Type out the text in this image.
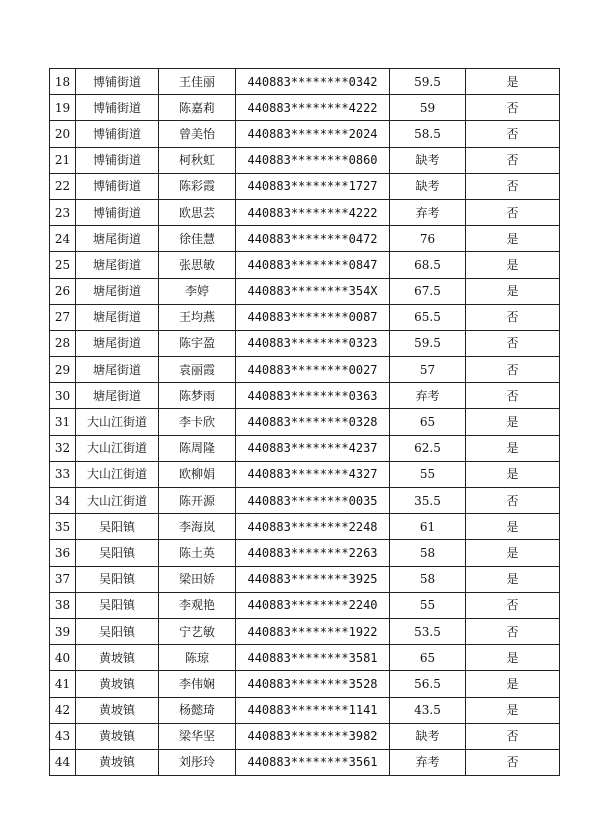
18	博铺街道	王佳丽	440883********0342	59.5	是
19	博铺街道	陈嘉莉	440883********4222	59	否
20	博铺街道	曾美怡	440883********2024	58.5	否
21	博铺街道	柯秋虹	440883********0860	缺考	否
22	博铺街道	陈彩霞	440883********1727	缺考	否
23	博铺街道	欧思芸	440883********4222	弃考	否
24	塘尾街道	徐佳慧	440883********0472	76	是
25	塘尾街道	张思敏	440883********0847	68.5	是
26	塘尾街道	李婷	440883********354X	67.5	是
27	塘尾街道	王均燕	440883********0087	65.5	否
28	塘尾街道	陈宇盈	440883********0323	59.5	否
29	塘尾街道	袁丽霞	440883********0027	57	否
30	塘尾街道	陈梦雨	440883********0363	弃考	否
31	大山江街道	李卡欣	440883********0328	65	是
32	大山江街道	陈周隆	440883********4237	62.5	是
33	大山江街道	欧柳娟	440883********4327	55	是
34	大山江街道	陈开源	440883********0035	35.5	否
35	吴阳镇	李海岚	440883********2248	61	是
36	吴阳镇	陈土英	440883********2263	58	是
37	吴阳镇	梁田娇	440883********3925	58	是
38	吴阳镇	李观艳	440883********2240	55	否
39	吴阳镇	宁艺敏	440883********1922	53.5	否
40	黄坡镇	陈琼	440883********3581	65	是
41	黄坡镇	李伟娴	440883********3528	56.5	是
42	黄坡镇	杨懿琦	440883********1141	43.5	是
43	黄坡镇	梁华坚	440883********3982	缺考	否
44	黄坡镇	刘彤玲	440883********3561	弃考	否
